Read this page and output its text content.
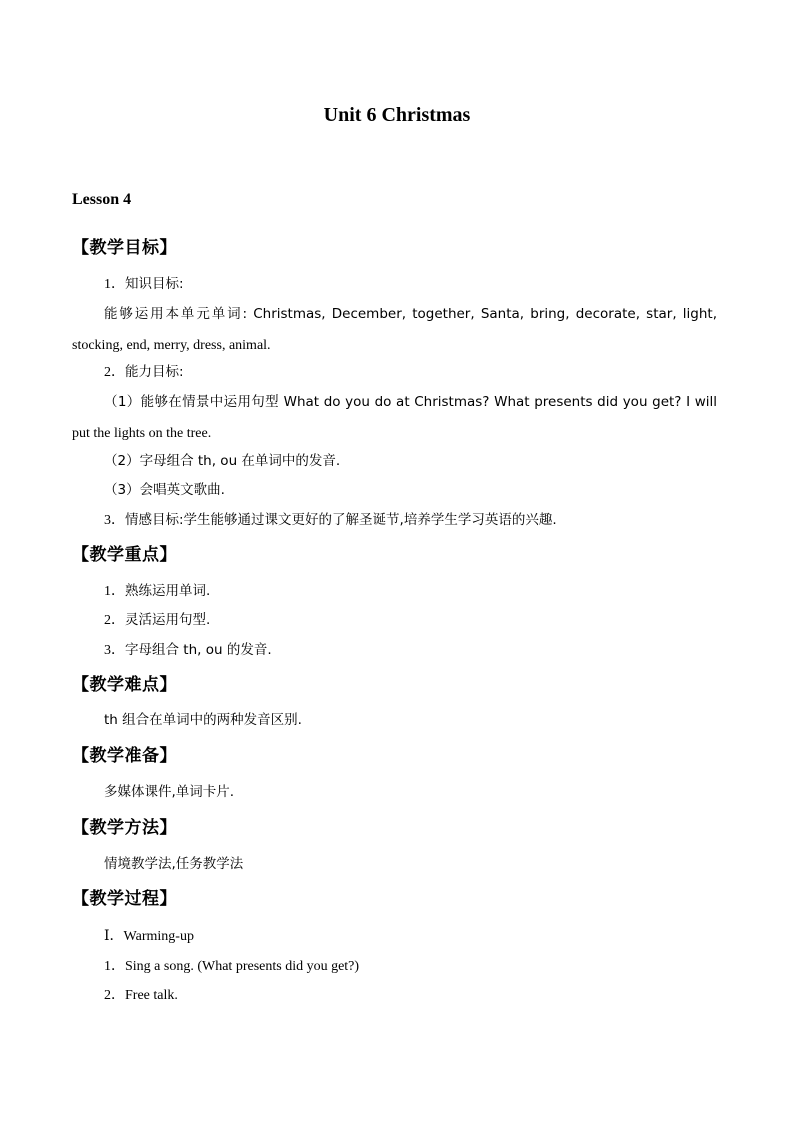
Unit 6 Christmas
Lesson 4
【教学目标】
1．知识目标:
能够运用本单元单词: Christmas, December, together, Santa, bring, decorate, star, light,
stocking, end, merry, dress, animal.
2．能力目标:
（1）能够在情景中运用句型 What do you do at Christmas? What presents did you get? I will
put the lights on the tree.
（2）字母组合 th, ou 在单词中的发音.
（3）会唱英文歌曲.
3．情感目标:学生能够通过课文更好的了解圣诞节,培养学生学习英语的兴趣.
【教学重点】
1．熟练运用单词.
2．灵活运用句型.
3．字母组合 th, ou 的发音.
【教学难点】
th 组合在单词中的两种发音区别.
【教学准备】
多媒体课件,单词卡片.
【教学方法】
情境教学法,任务教学法
【教学过程】
Ⅰ．Warming-up
1．Sing a song. (What presents did you get?)
2．Free talk.
